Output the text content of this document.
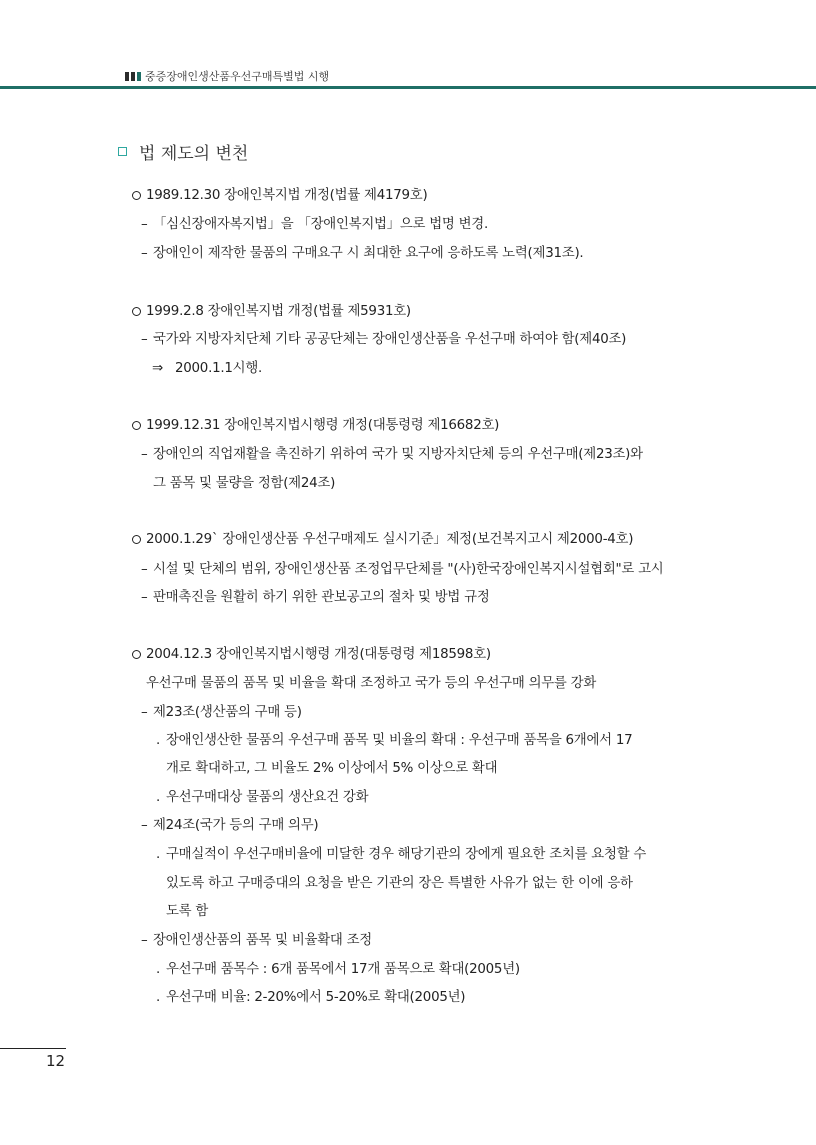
중증장애인생산품우선구매특별법 시행
법 제도의 변천
1989.12.30 장애인복지법 개정(법률 제4179호)
– 「심신장애자복지법」을 「장애인복지법」으로 법명 변경.
– 장애인이 제작한 물품의 구매요구 시 최대한 요구에 응하도록 노력(제31조).
1999.2.8 장애인복지법 개정(법률 제5931호)
– 국가와 지방자치단체 기타 공공단체는 장애인생산품을 우선구매 하여야 함(제40조)
⇒ 2000.1.1시행.
1999.12.31 장애인복지법시행령 개정(대통령령 제16682호)
– 장애인의 직업재활을 촉진하기 위하여 국가 및 지방자치단체 등의 우선구매(제23조)와
그 품목 및 물량을 정함(제24조)
2000.1.29` 장애인생산품 우선구매제도 실시기준」제정(보건복지고시 제2000-4호)
– 시설 및 단체의 범위, 장애인생산품 조정업무단체를 "(사)한국장애인복지시설협회"로 고시
– 판매촉진을 원활히 하기 위한 관보공고의 절차 및 방법 규정
2004.12.3 장애인복지법시행령 개정(대통령령 제18598호)
우선구매 물품의 품목 및 비율을 확대 조정하고 국가 등의 우선구매 의무를 강화
– 제23조(생산품의 구매 등)
. 장애인생산한 물품의 우선구매 품목 및 비율의 확대 : 우선구매 품목을 6개에서 17
개로 확대하고, 그 비율도 2% 이상에서 5% 이상으로 확대
. 우선구매대상 물품의 생산요건 강화
– 제24조(국가 등의 구매 의무)
. 구매실적이 우선구매비율에 미달한 경우 해당기관의 장에게 필요한 조치를 요청할 수
있도록 하고 구매증대의 요청을 받은 기관의 장은 특별한 사유가 없는 한 이에 응하
도록 함
– 장애인생산품의 품목 및 비율확대 조정
. 우선구매 품목수 : 6개 품목에서 17개 품목으로 확대(2005년)
. 우선구매 비율: 2-20%에서 5-20%로 확대(2005년)
12
